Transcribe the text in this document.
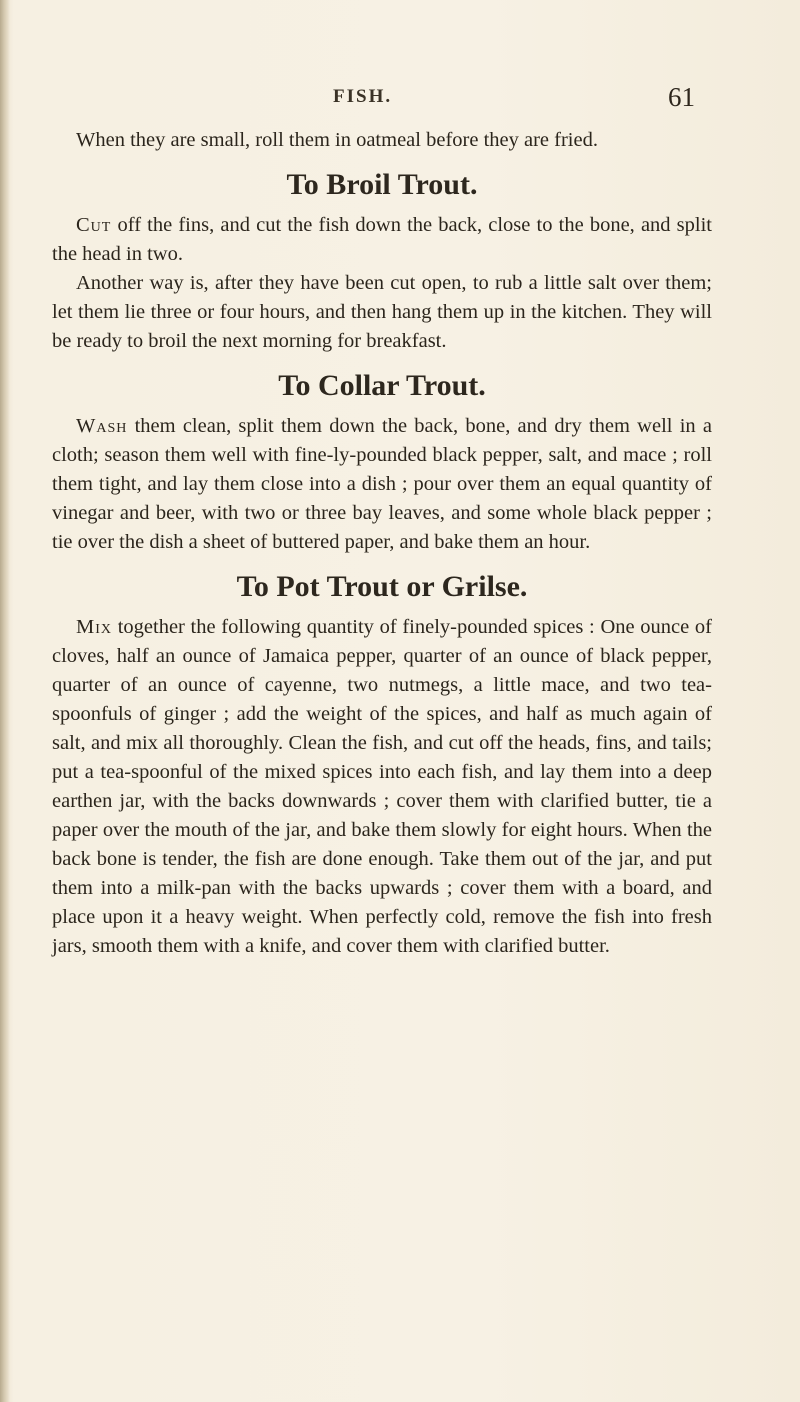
FISH.	61

When they are small, roll them in oatmeal before they are fried.

To Broil Trout.

Cut off the fins, and cut the fish down the back, close to the bone, and split the head in two.

Another way is, after they have been cut open, to rub a little salt over them; let them lie three or four hours, and then hang them up in the kitchen. They will be ready to broil the next morning for breakfast.

To Collar Trout.

Wash them clean, split them down the back, bone, and dry them well in a cloth; season them well with fine-ly-pounded black pepper, salt, and mace ; roll them tight, and lay them close into a dish ; pour over them an equal quantity of vinegar and beer, with two or three bay leaves, and some whole black pepper ; tie over the dish a sheet of buttered paper, and bake them an hour.

To Pot Trout or Grilse.

Mix together the following quantity of finely-pounded spices : One ounce of cloves, half an ounce of Jamaica pepper, quarter of an ounce of black pepper, quarter of an ounce of cayenne, two nutmegs, a little mace, and two tea-spoonfuls of ginger ; add the weight of the spices, and half as much again of salt, and mix all thoroughly. Clean the fish, and cut off the heads, fins, and tails; put a tea-spoonful of the mixed spices into each fish, and lay them into a deep earthen jar, with the backs downwards ; cover them with clarified butter, tie a paper over the mouth of the jar, and bake them slowly for eight hours. When the back bone is tender, the fish are done enough. Take them out of the jar, and put them into a milk-pan with the backs upwards ; cover them with a board, and place upon it a heavy weight. When perfectly cold, remove the fish into fresh jars, smooth them with a knife, and cover them with clarified butter.
